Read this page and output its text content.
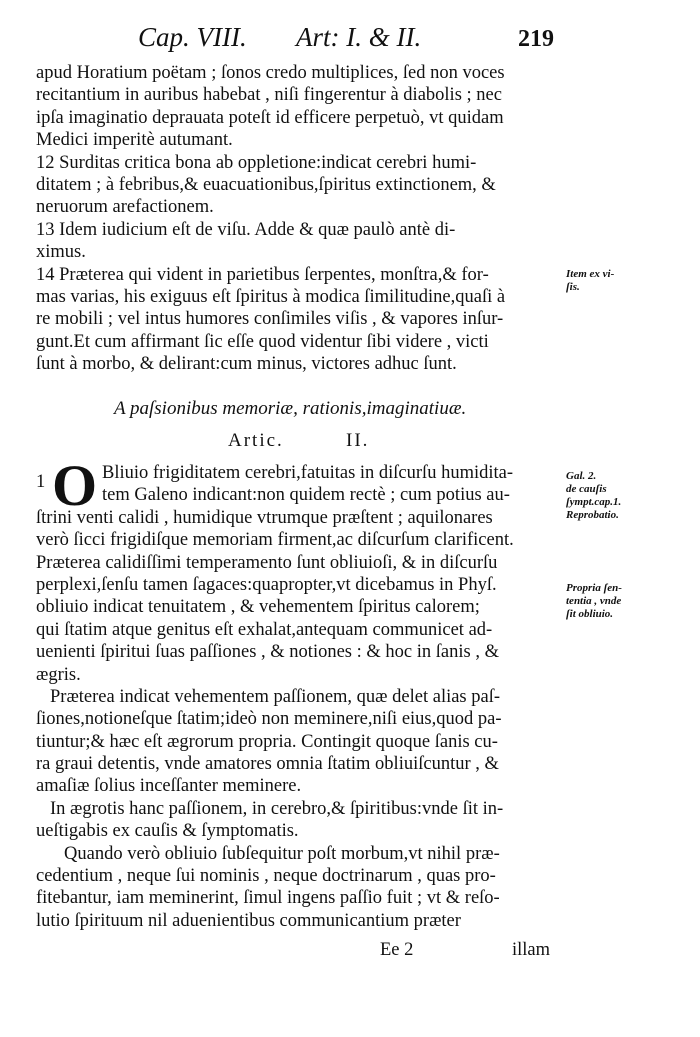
Cap. VIII. Art: I. & II.	219
apud Horatium poëtam ; ſonos credo multiplices, ſed non voces
recitantium in auribus habebat , niſi fingerentur à diabolis ; nec
ipſa imaginatio deprauata poteſt id efficere perpetuò, vt quidam
Medici imperitè autumant.
12 Surditas critica bona ab oppletione:indicat cerebri humi-
ditatem ; à febribus,& euacuationibus,ſpiritus extinctionem, &
neruorum arefactionem.
13 Idem iudicium eſt de viſu. Adde & quæ paulò antè di-
ximus.
14 Præterea qui vident in parietibus ſerpentes, monſtra,& for-
mas varias, his exiguus eſt ſpiritus à modica ſimilitudine,quaſi à
re mobili ; vel intus humores conſimiles viſis , & vapores inſur-
gunt.Et cum affirmant ſic eſſe quod videntur ſibi videre , victi
ſunt à morbo, & delirant:cum minus, victores adhuc ſunt.
Item ex vi-
ſis.
A paſsionibus memoriæ, rationis,imaginatiuæ.
Artic.	II.
1 O	Gal. 2.
de cauſis
ſympt.cap.1.
Reprobatio.
Propria ſen-
tentia , vnde
ſit obliuio.
Bliuio frigiditatem cerebri,fatuitas in diſcurſu humidita-
tem Galeno indicant:non quidem rectè ; cum potius au-
ſtrini venti calidi , humidique vtrumque præſtent ; aquilonares
verò ſicci frigidiſque memoriam firment,ac diſcurſum clarificent.
Præterea calidiſſimi temperamento ſunt obliuioſi, & in diſcurſu
perplexi,ſenſu tamen ſagaces:quapropter,vt dicebamus in Phyſ.
obliuio indicat tenuitatem , & vehementem ſpiritus calorem;
qui ſtatim atque genitus eſt exhalat,antequam communicet ad-
uenienti ſpiritui ſuas paſſiones , & notiones : & hoc in ſanis , &
ægris.
Præterea indicat vehementem paſſionem, quæ delet alias paſ-
ſiones,notioneſque ſtatim;ideò non meminere,niſi eius,quod pa-
tiuntur;& hæc eſt ægrorum propria. Contingit quoque ſanis cu-
ra graui detentis, vnde amatores omnia ſtatim obliuiſcuntur , &
amaſiæ ſolius inceſſanter meminere.
In ægrotis hanc paſſionem, in cerebro,& ſpiritibus:vnde ſit in-
ueſtigabis ex cauſis & ſymptomatis.
Quando verò obliuio ſubſequitur poſt morbum,vt nihil præ-
cedentium , neque ſui nominis , neque doctrinarum , quas pro-
fitebantur, iam meminerint, ſimul ingens paſſio fuit ; vt & reſo-
lutio ſpirituum nil aduenientibus communicantium præter
Ee 2	illam
